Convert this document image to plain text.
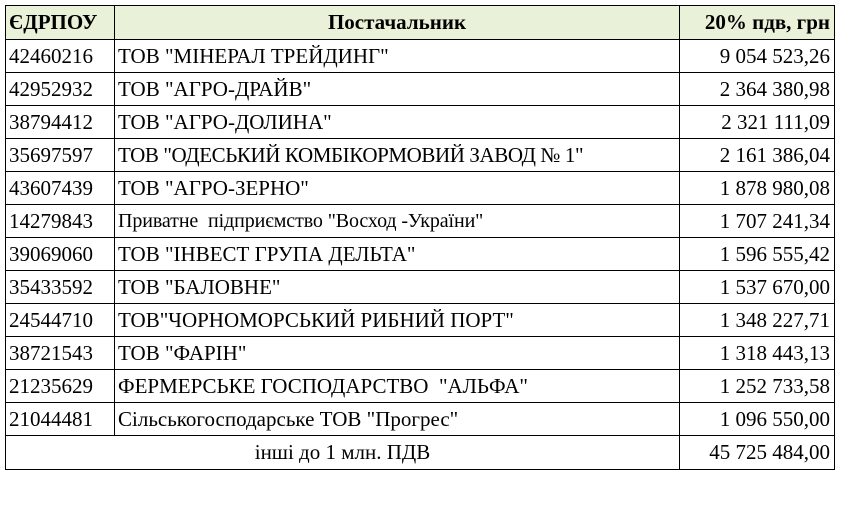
ЄДРПОУ	Постачальник	20% пдв, грн
42460216	ТОВ "МІНЕРАЛ ТРЕЙДИНГ"	9 054 523,26
42952932	ТОВ "АГРО-ДРАЙВ"	2 364 380,98
38794412	ТОВ "АГРО-ДОЛИНА"	2 321 111,09
35697597	ТОВ "ОДЕСЬКИЙ КОМБІКОРМОВИЙ ЗАВОД № 1"	2 161 386,04
43607439	ТОВ "АГРО-ЗЕРНО"	1 878 980,08
14279843	Приватне  підприємство "Восход -України"	1 707 241,34
39069060	ТОВ "ІНВЕСТ ГРУПА ДЕЛЬТА"	1 596 555,42
35433592	ТОВ "БАЛОВНЕ"	1 537 670,00
24544710	ТОВ"ЧОРНОМОРСЬКИЙ РИБНИЙ ПОРТ"	1 348 227,71
38721543	ТОВ "ФАРІН"	1 318 443,13
21235629	ФЕРМЕРСЬКЕ ГОСПОДАРСТВО  "АЛЬФА"	1 252 733,58
21044481	Сільськогосподарське ТОВ "Прогрес"	1 096 550,00
інші до 1 млн. ПДВ		45 725 484,00
